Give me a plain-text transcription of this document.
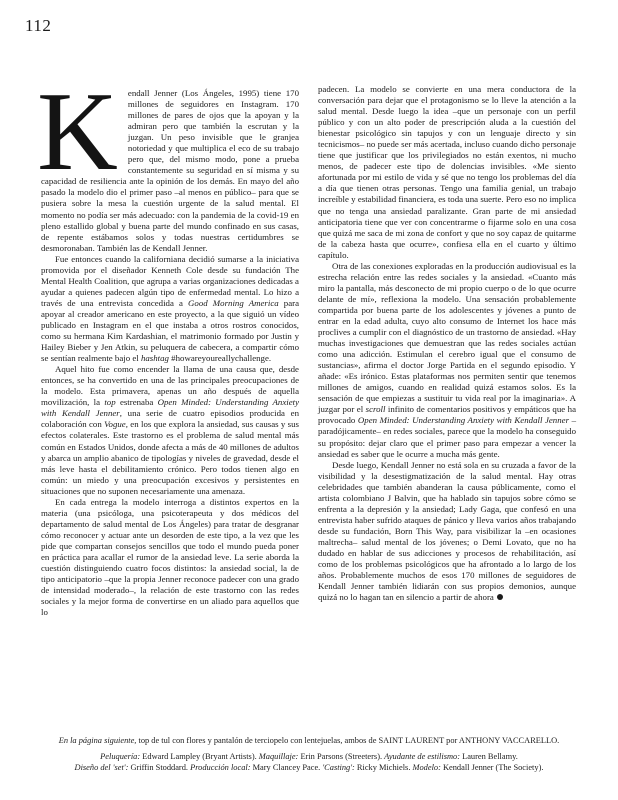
112

K endall Jenner (Los Ángeles, 1995) tiene 170 millones de seguidores en Instagram. 170 millones de pares de ojos que la apoyan y la admiran pero que también la escrutan y la juzgan. Un peso invisible que le granjea notoriedad y que multiplica el eco de su trabajo pero que, del mismo modo, pone a prueba constantemente su seguridad en sí misma y su capacidad de resiliencia ante la opinión de los demás. En mayo del año pasado la modelo dio el primer paso –al menos en público– para que se pusiera sobre la mesa la cuestión urgente de la salud mental. El momento no podía ser más adecuado: con la pandemia de la covid-19 en pleno estallido global y buena parte del mundo confinado en sus casas, de repente estábamos solos y todas nuestras certidumbres se desmoronaban. También las de Kendall Jenner.

Fue entonces cuando la californiana decidió sumarse a la iniciativa promovida por el diseñador Kenneth Cole desde su fundación The Mental Health Coalition, que agrupa a varias organizaciones dedicadas a ayudar a quienes padecen algún tipo de enfermedad mental. Lo hizo a través de una entrevista concedida a Good Morning America para apoyar al creador americano en este proyecto, a la que siguió un vídeo publicado en Instagram en el que instaba a otros rostros conocidos, como su hermana Kim Kardashian, el matrimonio formado por Justin y Hailey Bieber y Jen Atkin, su peluquera de cabecera, a compartir cómo se sentían realmente bajo el hashtag #howareyoureallychallenge.

Aquel hito fue como encender la llama de una causa que, desde entonces, se ha convertido en una de las principales preocupaciones de la modelo. Esta primavera, apenas un año después de aquella movilización, la top estrenaba Open Minded: Understanding Anxiety with Kendall Jenner, una serie de cuatro episodios producida en colaboración con Vogue, en los que explora la ansiedad, sus causas y sus efectos colaterales. Este trastorno es el problema de salud mental más común en Estados Unidos, donde afecta a más de 40 millones de adultos y abarca un amplio abanico de tipologías y niveles de gravedad, desde el más leve hasta el debilitamiento crónico. Pero todos tienen algo en común: un miedo y una preocupación excesivos y persistentes en situaciones que no suponen necesariamente una amenaza.

En cada entrega la modelo interroga a distintos expertos en la materia (una psicóloga, una psicoterapeuta y dos médicos del departamento de salud mental de Los Ángeles) para tratar de desgranar cómo reconocer y actuar ante un desorden de este tipo, a la vez que les pide que compartan consejos sencillos que todo el mundo pueda poner en práctica para acallar el rumor de la ansiedad leve. La serie aborda la cuestión distinguiendo cuatro focos distintos: la ansiedad social, la de tipo anticipatorio –que la propia Jenner reconoce padecer con una grado de intensidad moderado–, la relación de este trastorno con las redes sociales y la mejor forma de convertirse en un aliado para aquellos que lo

padecen. La modelo se convierte en una mera conductora de la conversación para dejar que el protagonismo se lo lleve la atención a la salud mental. Desde luego la idea –que un personaje con un perfil público y con un alto poder de prescripción aluda a la cuestión del bienestar psicológico sin tapujos y con un lenguaje directo y sin tecnicismos– no puede ser más acertada, incluso cuando dicho personaje tiene que justificar que los privilegiados no están exentos, ni mucho menos, de padecer este tipo de dolencias invisibles. «Me siento afortunada por mi estilo de vida y sé que no tengo los problemas del día a día que tienen otras personas. Tengo una familia genial, un trabajo increíble y estabilidad financiera, es toda una suerte. Pero eso no implica que no tenga una ansiedad paralizante. Gran parte de mi ansiedad anticipatoria tiene que ver con concentrarme o fijarme solo en una cosa que quizá me saca de mi zona de confort y que no soy capaz de quitarme de la cabeza hasta que ocurre», confiesa ella en el cuarto y último capítulo.

Otra de las conexiones exploradas en la producción audiovisual es la estrecha relación entre las redes sociales y la ansiedad. «Cuanto más miro la pantalla, más desconecto de mi propio cuerpo o de lo que ocurre delante de mí», reflexiona la modelo. Una sensación probablemente compartida por buena parte de los adolescentes y jóvenes a punto de entrar en la edad adulta, cuyo alto consumo de Internet los hace más proclives a cumplir con el diagnóstico de un trastorno de ansiedad. «Hay muchas investigaciones que demuestran que las redes sociales actúan como una adicción. Estimulan el cerebro igual que el consumo de sustancias», afirma el doctor Jorge Partida en el segundo episodio. Y añade: «Es irónico. Estas plataformas nos permiten sentir que tenemos millones de amigos, cuando en realidad quizá estamos solos. Es la sensación de que empiezas a sustituir tu vida real por la imaginaria». A juzgar por el scroll infinito de comentarios positivos y empáticos que ha provocado Open Minded: Understanding Anxiety with Kendall Jenner –paradójicamente– en redes sociales, parece que la modelo ha conseguido su propósito: dejar claro que el primer paso para empezar a vencer la ansiedad es saber que le ocurre a mucha más gente.

Desde luego, Kendall Jenner no está sola en su cruzada a favor de la visibilidad y la desestigmatización de la salud mental. Hay otras celebridades que también abanderan la causa públicamente, como el artista colombiano J Balvin, que ha hablado sin tapujos sobre cómo se enfrenta a la depresión y la ansiedad; Lady Gaga, que confesó en una entrevista haber sufrido ataques de pánico y lleva varios años trabajando desde su fundación, Born This Way, para visibilizar la –en ocasiones maltrecha– salud mental de los jóvenes; o Demi Lovato, que no ha dudado en hablar de sus adicciones y procesos de rehabilitación, así como de los problemas psicológicos que ha afrontado a lo largo de los años. Probablemente muchos de esos 170 millones de seguidores de Kendall Jenner también lidiarán con sus propios demonios, aunque quizá no lo hagan tan en silencio a partir de ahora

En la página siguiente, top de tul con flores y pantalón de terciopelo con lentejuelas, ambos de SAINT LAURENT por ANTHONY VACCARELLO.
Peluquería: Edward Lampley (Bryant Artists). Maquillaje: Erin Parsons (Streeters). Ayudante de estilismo: Lauren Bellamy.
Diseño del 'set': Griffin Stoddard. Producción local: Mary Clancey Pace. 'Casting': Ricky Michiels. Modelo: Kendall Jenner (The Society).
